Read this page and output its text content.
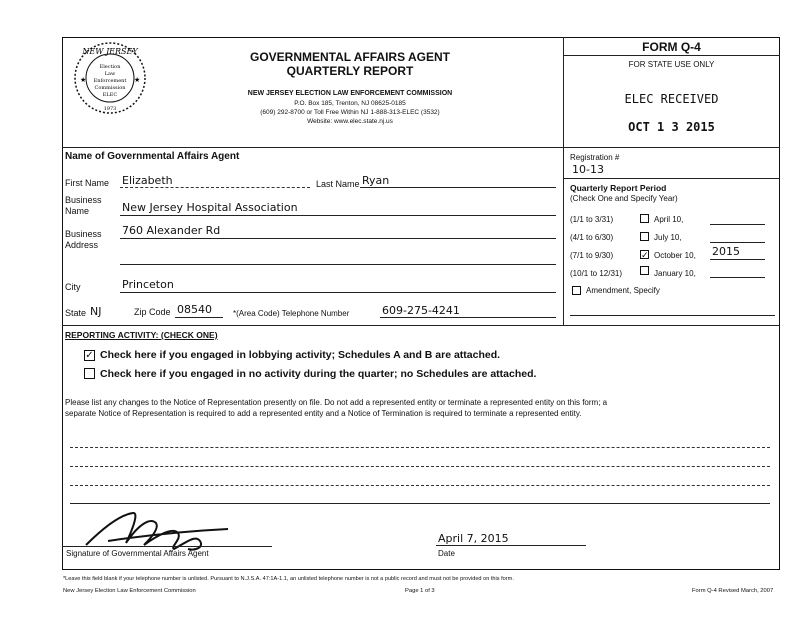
NEW JERSEY
Election
Law
Enforcement
Commission
ELEC
1973
★	★
GOVERNMENTAL AFFAIRS AGENT
QUARTERLY REPORT
NEW JERSEY ELECTION LAW ENFORCEMENT COMMISSION
P.O. Box 185, Trenton, NJ 08625-0185
(609) 292-8700 or Toll Free Within NJ 1-888-313-ELEC (3532)
Website: www.elec.state.nj.us
FORM Q-4
FOR STATE USE ONLY
ELEC RECEIVED
OCT 1 3 2015
Name of Governmental Affairs Agent
First Name Elizabeth	Last Name Ryan
Business
Name	New Jersey Hospital Association
Business
Address
760 Alexander Rd
City	Princeton
State NJ	Zip Code 08540	*(Area Code) Telephone Number	609-275-4241
Registration #
10-13
Quarterly Report Period
(Check One and Specify Year)
(1/1 to 3/31)	April 10,
(4/1 to 6/30)	July 10,
(7/1 to 9/30)	✓ October 10, 2015
(10/1 to 12/31)	January 10,
Amendment, Specify
REPORTING ACTIVITY: (CHECK ONE)
✓ Check here if you engaged in lobbying activity; Schedules A and B are attached.
Check here if you engaged in no activity during the quarter; no Schedules are attached.
Please list any changes to the Notice of Representation presently on file. Do not add a represented entity or terminate a represented entity on this form; a separate Notice of Representation is required to add a represented entity and a Notice of Termination is required to terminate a represented entity.
Signature of Governmental Affairs Agent
April 7, 2015
Date
*Leave this field blank if your telephone number is unlisted. Pursuant to N.J.S.A. 47:1A-1.1, an unlisted telephone number is not a public record and must not be provided on this form.
New Jersey Election Law Enforcement Commission	Page 1 of 3	Form Q-4 Revised March, 2007
